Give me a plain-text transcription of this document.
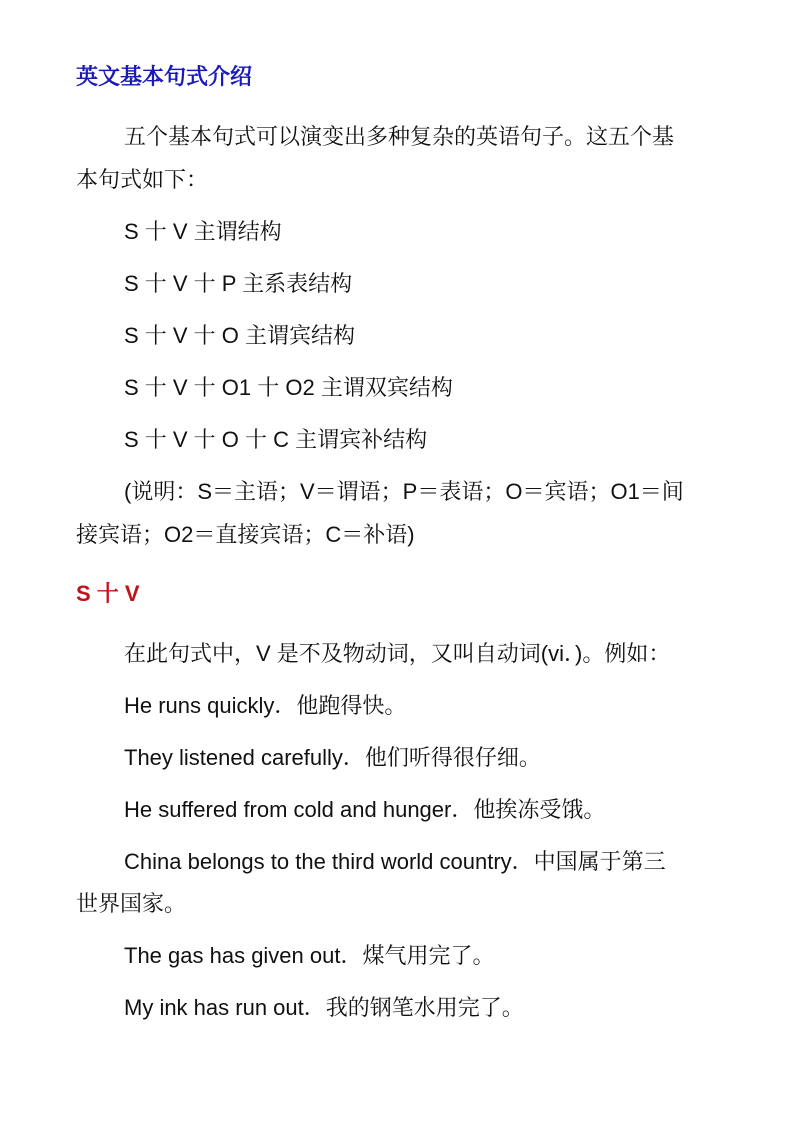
英文基本句式介绍
五个基本句式可以演变出多种复杂的英语句子。这五个基
本句式如下：
S 十 V 主谓结构
S 十 V 十 P 主系表结构
S 十 V 十 O 主谓宾结构
S 十 V 十 O1 十 O2 主谓双宾结构
S 十 V 十 O 十 C 主谓宾补结构
(说明：S＝主语；V＝谓语；P＝表语；O＝宾语；O1＝间
接宾语；O2＝直接宾语；C＝补语)
S 十 V
在此句式中，V 是不及物动词，又叫自动词(vi．)。例如：
He runs quickly．他跑得快。
They listened carefully．他们听得很仔细。
He suffered from cold and hunger．他挨冻受饿。
China belongs to the third world country．中国属于第三
世界国家。
The gas has given out．煤气用完了。
My ink has run out．我的钢笔水用完了。
